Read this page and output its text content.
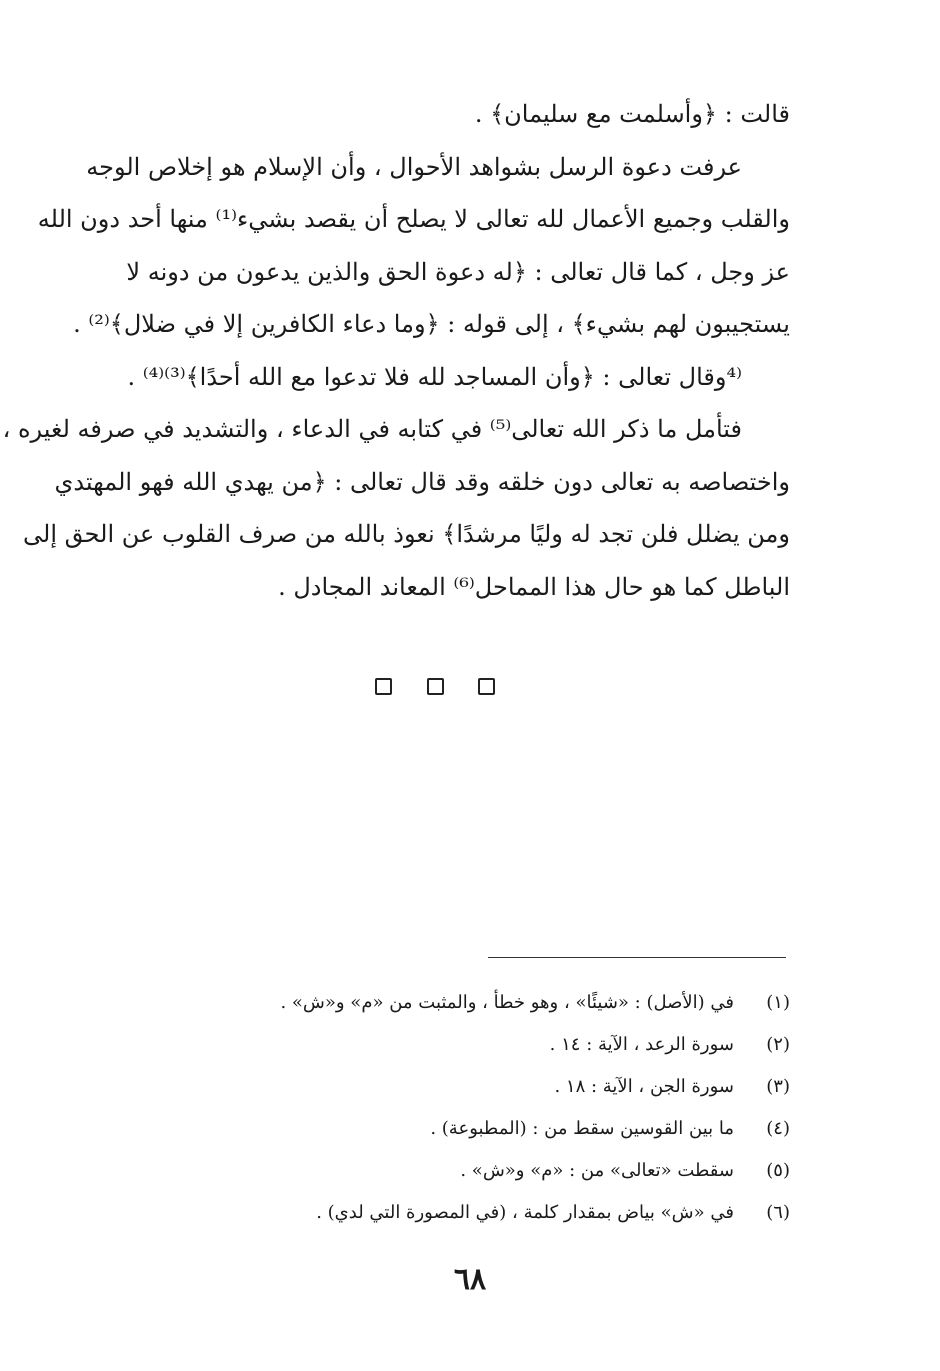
قالت : ﴿وأسلمت مع سليمان﴾ .
عرفت دعوة الرسل بشواهد الأحوال ، وأن الإسلام هو إخلاص الوجه
والقلب وجميع الأعمال لله تعالى لا يصلح أن يقصد بشيء⁽¹⁾ منها أحد دون الله
عز وجل ، كما قال تعالى : ﴿له دعوة الحق والذين يدعون من دونه لا
يستجيبون لهم بشيء﴾ ، إلى قوله : ﴿وما دعاء الكافرين إلا في ضلال﴾⁽²⁾ .
⁽⁴وقال تعالى : ﴿وأن المساجد لله فلا تدعوا مع الله أحدًا﴾⁽³⁾⁽⁴⁾ .
فتأمل ما ذكر الله تعالى⁽⁵⁾ في كتابه في الدعاء ، والتشديد في صرفه لغيره ،
واختصاصه به تعالى دون خلقه وقد قال تعالى : ﴿من يهدي الله فهو المهتدي
ومن يضلل فلن تجد له وليًا مرشدًا﴾ نعوذ بالله من صرف القلوب عن الحق إلى
الباطل كما هو حال هذا المماحل⁽⁶⁾ المعاند المجادل .
(١)
في (الأصل) : «شيئًا» ، وهو خطأ ، والمثبت من «م» و«ش» .
(٢)
سورة الرعد ، الآية : ١٤ .
(٣)
سورة الجن ، الآية : ١٨ .
(٤)
ما بين القوسين سقط من : (المطبوعة) .
(٥)
سقطت «تعالى» من : «م» و«ش» .
(٦)
في «ش» بياض بمقدار كلمة ، (في المصورة التي لدي) .
٦٨
